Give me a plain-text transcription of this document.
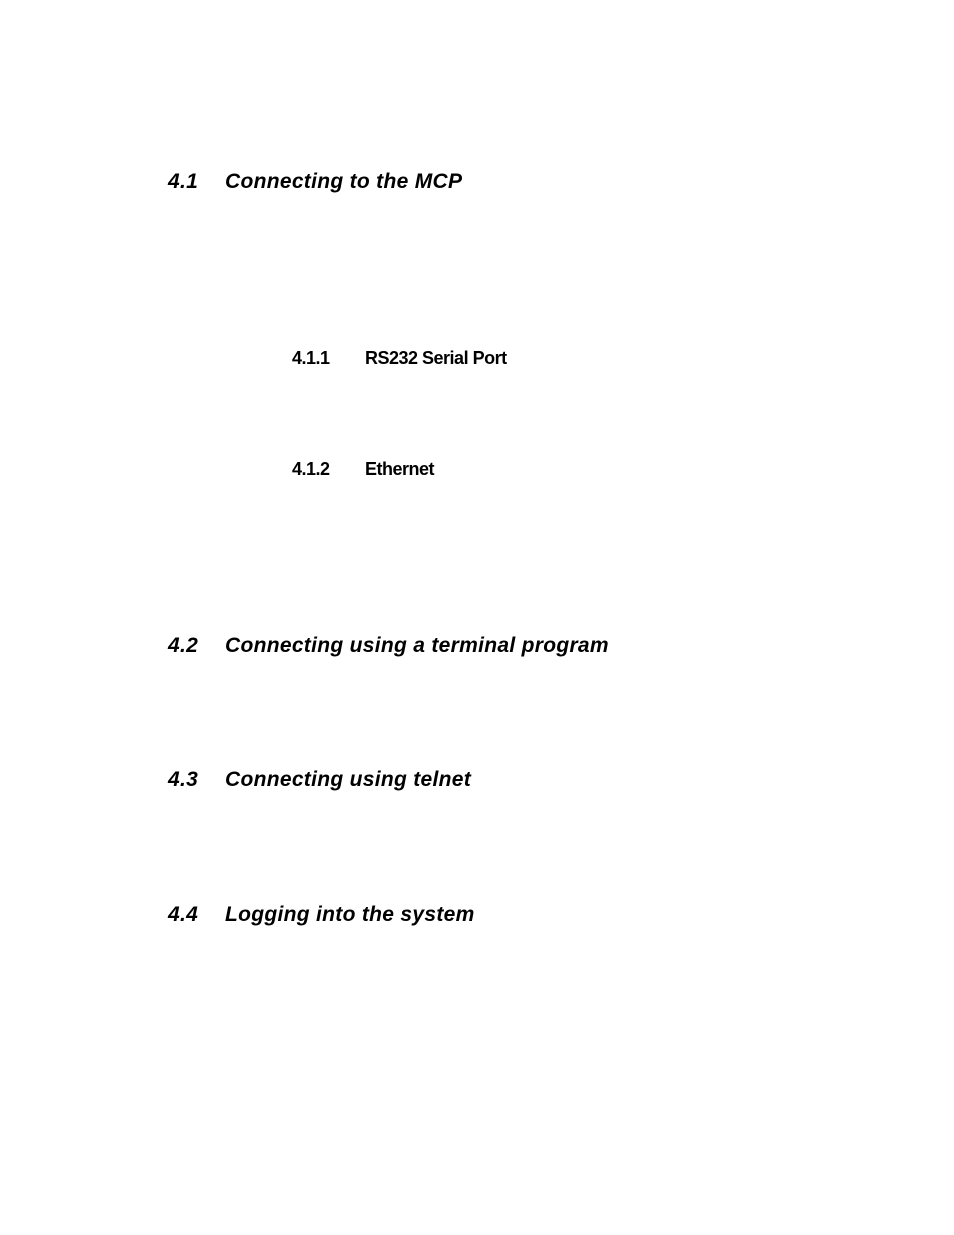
4.1 Connecting to the MCP
4.1.1 RS232 Serial Port
4.1.2 Ethernet
4.2 Connecting using a terminal program
4.3 Connecting using telnet
4.4 Logging into the system
